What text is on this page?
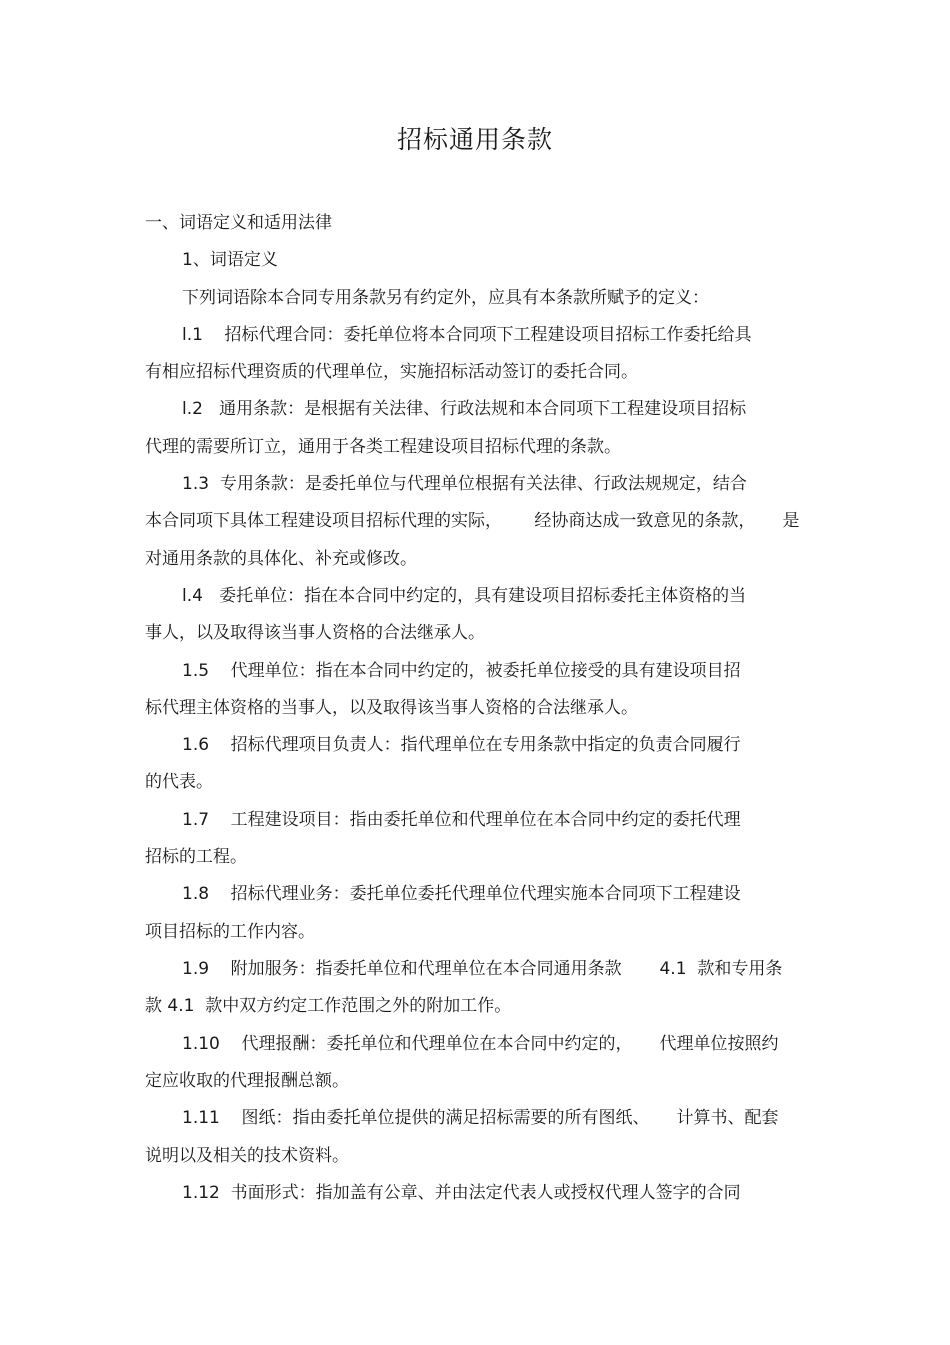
招标通用条款
一、词语定义和适用法律
1、词语定义
下列词语除本合同专用条款另有约定外，应具有本条款所赋予的定义：
l.1    招标代理合同：委托单位将本合同项下工程建设项目招标工作委托给具
有相应招标代理资质的代理单位，实施招标活动签订的委托合同。
l.2   通用条款：是根据有关法律、行政法规和本合同项下工程建设项目招标
代理的需要所订立，通用于各类工程建设项目招标代理的条款。
1.3  专用条款：是委托单位与代理单位根据有关法律、行政法规规定，结合
本合同项下具体工程建设项目招标代理的实际，      经协商达成一致意见的条款，     是
对通用条款的具体化、补充或修改。
l.4   委托单位：指在本合同中约定的，具有建设项目招标委托主体资格的当
事人，以及取得该当事人资格的合法继承人。
1.5    代理单位：指在本合同中约定的，被委托单位接受的具有建设项目招
标代理主体资格的当事人，以及取得该当事人资格的合法继承人。
1.6    招标代理项目负责人：指代理单位在专用条款中指定的负责合同履行
的代表。
1.7    工程建设项目：指由委托单位和代理单位在本合同中约定的委托代理
招标的工程。
1.8    招标代理业务：委托单位委托代理单位代理实施本合同项下工程建设
项目招标的工作内容。
1.9    附加服务：指委托单位和代理单位在本合同通用条款       4.1  款和专用条
款 4.1  款中双方约定工作范围之外的附加工作。
1.10    代理报酬：委托单位和代理单位在本合同中约定的，     代理单位按照约
定应收取的代理报酬总额。
1.11    图纸：指由委托单位提供的满足招标需要的所有图纸、     计算书、配套
说明以及相关的技术资料。
1.12  书面形式：指加盖有公章、并由法定代表人或授权代理人签字的合同
